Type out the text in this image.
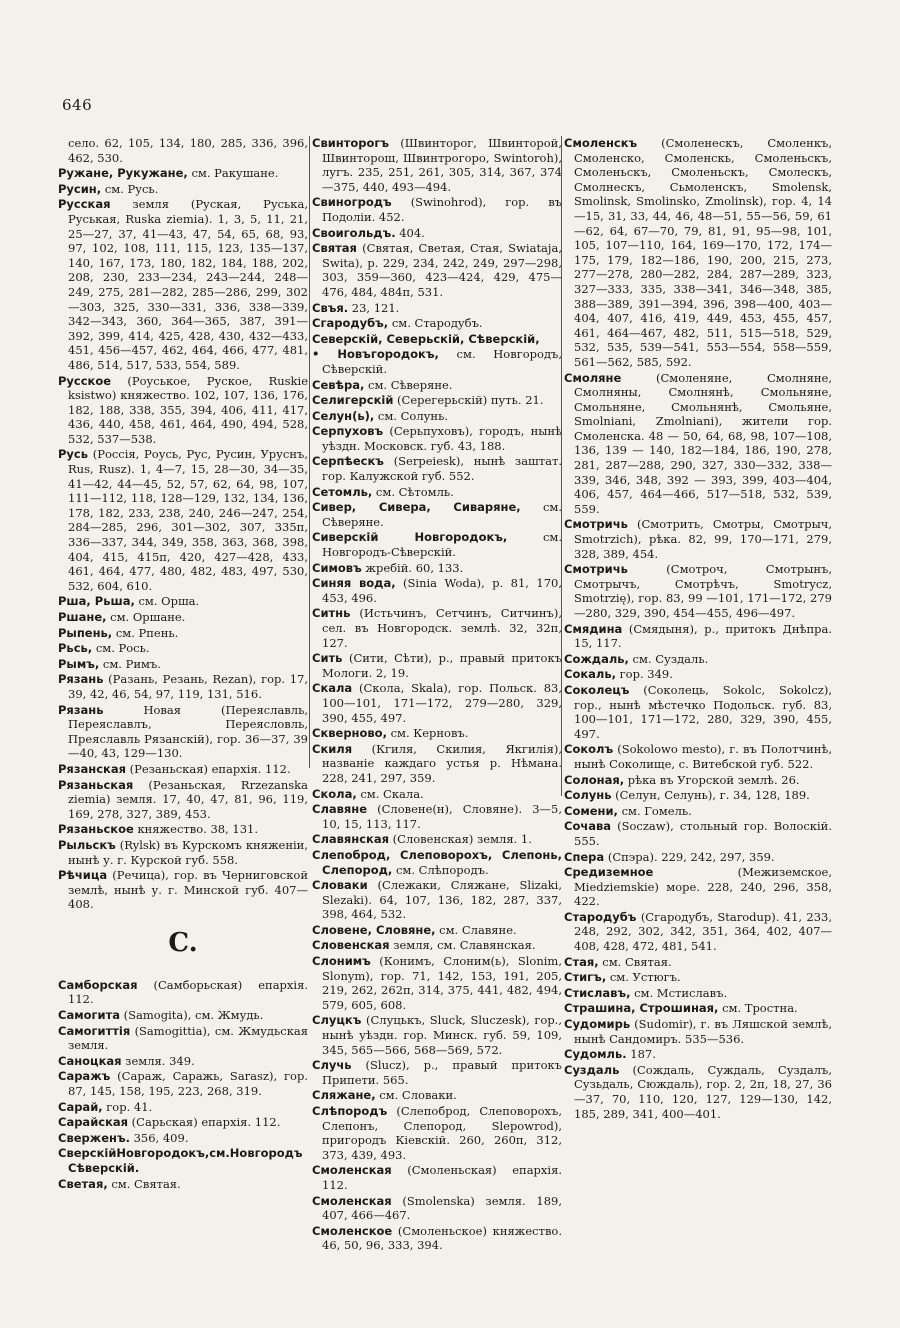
646
село. 62, 105, 134, 180, 285, 336, 396, 462, 530.
Ружане, Рукужане, см. Ракушане.
Русин, см. Русь.
Русская земля (Руская, Руська, Руськая, Ruska ziemia). 1, 3, 5, 11, 21, 25—27, 37, 41—43, 47, 54, 65, 68, 93, 97, 102, 108, 111, 115, 123, 135—137, 140, 167, 173, 180, 182, 184, 188, 202, 208, 230, 233—234, 243—244, 248—249, 275, 281—282, 285—286, 299, 302—303, 325, 330—331, 336, 338—339, 342—343, 360, 364—365, 387, 391—392, 399, 414, 425, 428, 430, 432—433, 451, 456—457, 462, 464, 466, 477, 481, 486, 514, 517, 533, 554, 589.
Русское (Роуськое, Руское, Ruskie ksistwo) княжество. 102, 107, 136, 176, 182, 188, 338, 355, 394, 406, 411, 417, 436, 440, 458, 461, 464, 490, 494, 528, 532, 537—538.
Русь (Россія, Роусь, Рус, Русин, Уруснъ, Rus, Rusz). 1, 4—7, 15, 28—30, 34—35, 41—42, 44—45, 52, 57, 62, 64, 98, 107, 111—112, 118, 128—129, 132, 134, 136, 178, 182, 233, 238, 240, 246—247, 254, 284—285, 296, 301—302, 307, 335п, 336—337, 344, 349, 358, 363, 368, 398, 404, 415, 415п, 420, 427—428, 433, 461, 464, 477, 480, 482, 483, 497, 530, 532, 604, 610.
Рша, Рьша, см. Орша.
Ршане, см. Оршане.
Рыпень, см. Рпень.
Рьсь, см. Рось.
Рымъ, см. Римъ.
Рязань (Разань, Резань, Rezan), гор. 17, 39, 42, 46, 54, 97, 119, 131, 516.
Рязань Новая (Переяславль, Переяславлъ, Переясловль, Преяславль Рязанскій), гор. 36—37, 39—40, 43, 129—130.
Рязанская (Резаньская) епархія. 112.
Рязаньская (Резаньская, Rrzezanska ziemia) земля. 17, 40, 47, 81, 96, 119, 169, 278, 327, 389, 453.
Рязаньское княжество. 38, 131.
Рыльскъ (Rylsk) въ Курскомъ княженіи, нынѣ у. г. Курской губ. 558.
Рѣчица (Речица), гор. въ Черниговской землѣ, нынѣ у. г. Минской губ. 407—408.
C.
Самборская (Самборьская) епархія. 112.
Самогита (Samogita), см. Жмудь.
Самогиттія (Samogittia), см. Жмудьская земля.
Саноцкая земля. 349.
Саражъ (Сараж, Саражь, Sarasz), гор. 87, 145, 158, 195, 223, 268, 319.
Сарай, гор. 41.
Сарайская (Сарьская) епархія. 112.
Сверженъ. 356, 409.
СверскійНовгородокъ,см.Новгородъ Сѣверскій.
Светая, см. Святая.
Свинторогъ (Швинторог, Швинторой, Швинторош, Швинтрогоро, Swintoroh), лугъ. 235, 251, 261, 305, 314, 367, 374—375, 440, 493—494.
Свиногродъ (Swinohrod), гор. въ Подоліи. 452.
Своигольдъ. 404.
Святая (Святая, Светая, Стая, Swiataja, Swita), р. 229, 234, 242, 249, 297—298, 303, 359—360, 423—424, 429, 475—476, 484, 484п, 531.
Свъя. 23, 121.
Сгародубъ, см. Стародубъ.
Северскій, Северьскій, Сѣверскій,
• Новъгородокъ, см. Новгородъ, Сѣверскій.
Севѣра, см. Сѣверяне.
Селигерскій (Серегерьскій) путь. 21.
Селун(ь), см. Солунь.
Серпуховъ (Серьпуховъ), городъ, нынѣ уѣздн. Московск. губ. 43, 188.
Серпѣескъ (Serpeiesk), нынѣ заштат. гор. Калужской губ. 552.
Сетомль, см. Сѣтомль.
Сивер, Сивера, Сиваряне, см. Сѣверяне.
Сиверскій Новгородокъ, см. Новгородъ-Сѣверскій.
Симовъ жребій. 60, 133.
Синяя вода, (Sinia Woda), р. 81, 170, 453, 496.
Ситнь (Истьчинъ, Сетчинъ, Ситчинъ), сел. въ Новгородск. землѣ. 32, 32п, 127.
Сить (Сити, Сѣти), р., правый притокъ Мологи. 2, 19.
Скала (Скола, Skala), гор. Польск. 83, 100—101, 171—172, 279—280, 329, 390, 455, 497.
Скверново, см. Керновъ.
Скиля (Кгиля, Скилия, Якгилія), названіе каждаго устья р. Нѣмана. 228, 241, 297, 359.
Скола, см. Скала.
Славяне (Словене(н), Словяне). 3—5, 10, 15, 113, 117.
Славянская (Словенская) земля. 1.
Слепоброд, Слеповорохъ, Слепонь, Слепород, см. Слѣпородъ.
Словаки (Слежаки, Сляжане, Slizaki, Slezaki). 64, 107, 136, 182, 287, 337, 398, 464, 532.
Словене, Словяне, см. Славяне.
Словенская земля, см. Славянская.
Слонимъ (Конимъ, Слоним(ь), Slonim, Slonym), гор. 71, 142, 153, 191, 205, 219, 262, 262п, 314, 375, 441, 482, 494, 579, 605, 608.
Слуцкъ (Слуцькъ, Sluck, Sluczesk), гор., нынѣ уѣздн. гор. Минск. губ. 59, 109, 345, 565—566, 568—569, 572.
Случь (Slucz), р., правый притокъ Припети. 565.
Сляжане, см. Словаки.
Слѣпородъ (Слепоброд, Слеповорохъ, Слепонъ, Слепород, Slepowrod), пригородъ Кіевскій. 260, 260п, 312, 373, 439, 493.
Смоленская (Смоленьская) епархія. 112.
Смоленская (Smolenska) земля. 189, 407, 466—467.
Смоленское (Смоленьское) княжество. 46, 50, 96, 333, 394.
Смоленскъ (Смоленескъ, Смоленкъ, Смоленско, Смоленскь, Смоленьскъ, Смоленьскъ, Смоленьскъ, Смолескъ, Смолнескъ, Сьмоленскъ, Smolensk, Smolinsk, Smolinsko, Zmolinsk), гор. 4, 14—15, 31, 33, 44, 46, 48—51, 55—56, 59, 61—62, 64, 67—70, 79, 81, 91, 95—98, 101, 105, 107—110, 164, 169—170, 172, 174—175, 179, 182—186, 190, 200, 215, 273, 277—278, 280—282, 284, 287—289, 323, 327—333, 335, 338—341, 346—348, 385, 388—389, 391—394, 396, 398—400, 403—404, 407, 416, 419, 449, 453, 455, 457, 461, 464—467, 482, 511, 515—518, 529, 532, 535, 539—541, 553—554, 558—559, 561—562, 585, 592.
Смоляне (Смоленяне, Смолняне, Смолняны, Смолнянѣ, Смольняне, Смольняне, Смольнянѣ, Смольяне, Smolniani, Zmolniani), жители гор. Смоленска. 48 — 50, 64, 68, 98, 107—108, 136, 139 — 140, 182—184, 186, 190, 278, 281, 287—288, 290, 327, 330—332, 338—339, 346, 348, 392 — 393, 399, 403—404, 406, 457, 464—466, 517—518, 532, 539, 559.
Смотричь (Смотрить, Смотры, Смотрыч, Smotrzich), рѣка. 82, 99, 170—171, 279, 328, 389, 454.
Смотричь (Смотроч, Смотрынъ, Смотрычъ, Смотрѣчъ, Smotrycz, Smotrzię), гор. 83, 99 —101, 171—172, 279—280, 329, 390, 454—455, 496—497.
Смядина (Смядыня), р., притокъ Днѣпра. 15, 117.
Сождаль, см. Суздаль.
Сокаль, гор. 349.
Соколецъ (Соколець, Sokolc, Sokolcz), гор., нынѣ мѣстечко Подольск. губ. 83, 100—101, 171—172, 280, 329, 390, 455, 497.
Соколъ (Sokolowo mesto), г. въ Полотчинѣ, нынѣ Соколище, с. Витебской губ. 522.
Солоная, рѣка въ Угорской землѣ. 26.
Солунь (Селун, Селунь), г. 34, 128, 189.
Сомени, см. Гомель.
Сочава (Soczaw), стольный гор. Волоскій. 555.
Спера (Спэра). 229, 242, 297, 359.
Средиземное (Межиземское, Miedziemskie) море. 228, 240, 296, 358, 422.
Стародубъ (Сгародубъ, Starodup). 41, 233, 248, 292, 302, 342, 351, 364, 402, 407—408, 428, 472, 481, 541.
Стая, см. Святая.
Стигъ, см. Устюгъ.
Стиславъ, см. Мстиславъ.
Страшина, Строшиная, см. Тростна.
Судомирь (Sudomir), г. въ Ляшской землѣ, нынѣ Сандомиръ. 535—536.
Судомль. 187.
Суздаль (Сождаль, Суждаль, Суздалъ, Сузьдаль, Сюждаль), гор. 2, 2п, 18, 27, 36—37, 70, 110, 120, 127, 129—130, 142, 185, 289, 341, 400—401.
